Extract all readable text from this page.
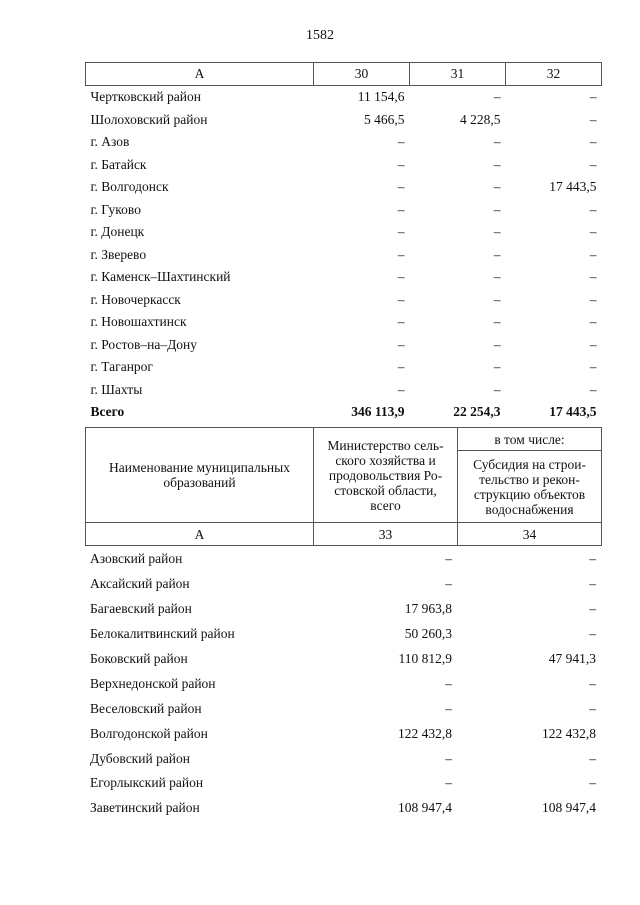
1582
А	30	31	32
Чертковский район	11 154,6	–	–
Шолоховский район	5 466,5	4 228,5	–
г. Азов	–	–	–
г. Батайск	–	–	–
г. Волгодонск	–	–	17 443,5
г. Гуково	–	–	–
г. Донецк	–	–	–
г. Зверево	–	–	–
г. Каменск–Шахтинский	–	–	–
г. Новочеркасск	–	–	–
г. Новошахтинск	–	–	–
г. Ростов–на–Дону	–	–	–
г. Таганрог	–	–	–
г. Шахты	–	–	–
Всего	346 113,9	22 254,3	17 443,5
Наименование муниципальных образований	Министерство сель-ского хозяйства и продовольствия Ро-стовской области, всего	в том числе:
		Субсидия на строи-тельство и рекон-струкцию объектов водоснабжения
А	33	34
Азовский район	–	–
Аксайский район	–	–
Багаевский район	17 963,8	–
Белокалитвинский район	50 260,3	–
Боковский район	110 812,9	47 941,3
Верхнедонской район	–	–
Веселовский район	–	–
Волгодонской район	122 432,8	122 432,8
Дубовский район	–	–
Егорлыкский район	–	–
Заветинский район	108 947,4	108 947,4
